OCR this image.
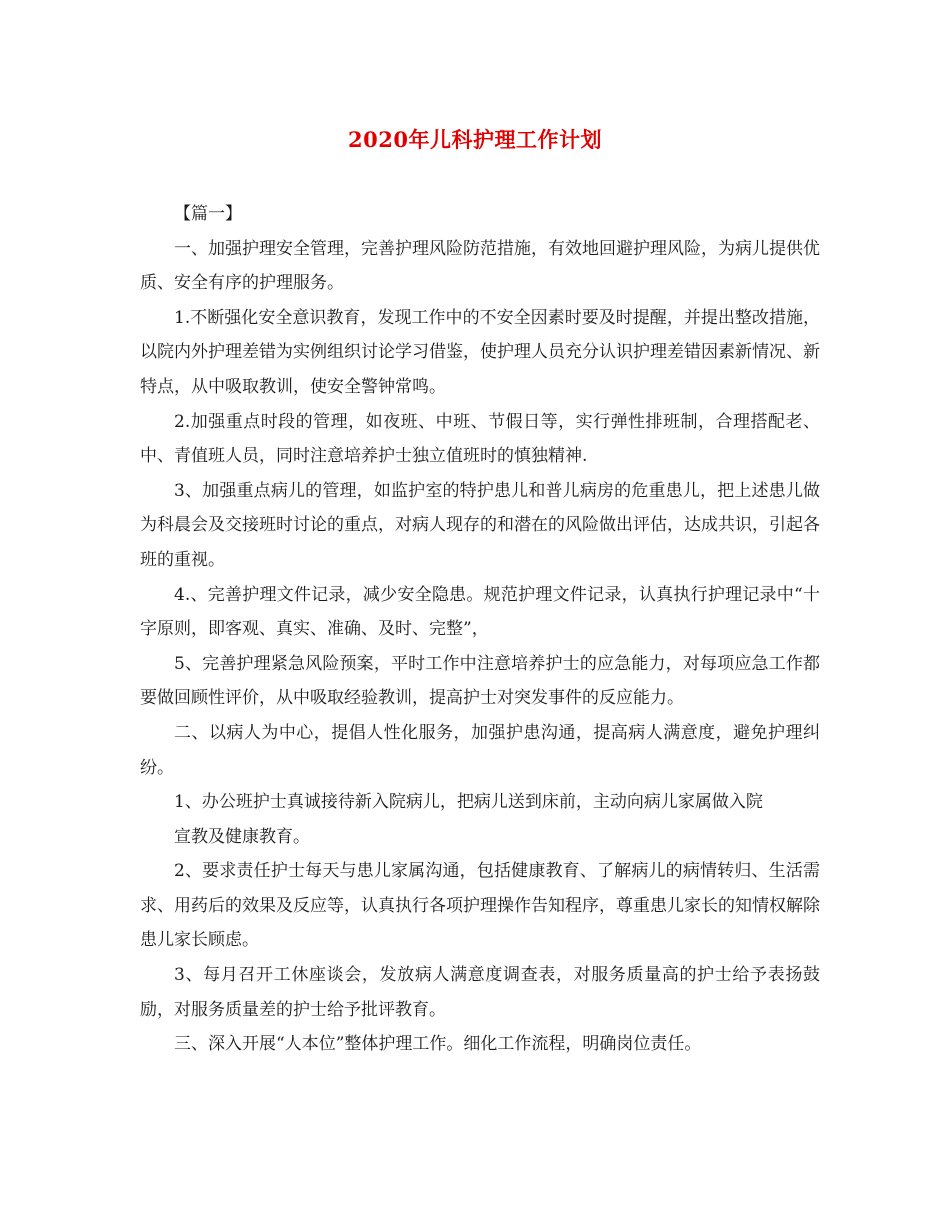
2020年儿科护理工作计划

【篇一】

一、加强护理安全管理，完善护理风险防范措施，有效地回避护理风险，为病儿提供优质、安全有序的护理服务。

1.不断强化安全意识教育，发现工作中的不安全因素时要及时提醒，并提出整改措施，以院内外护理差错为实例组织讨论学习借鉴，使护理人员充分认识护理差错因素新情况、新特点，从中吸取教训，使安全警钟常鸣。

2.加强重点时段的管理，如夜班、中班、节假日等，实行弹性排班制，合理搭配老、中、青值班人员，同时注意培养护士独立值班时的慎独精神.

3、加强重点病儿的管理，如监护室的特护患儿和普儿病房的危重患儿，把上述患儿做为科晨会及交接班时讨论的重点，对病人现存的和潜在的风险做出评估，达成共识，引起各班的重视。

4.、完善护理文件记录，减少安全隐患。规范护理文件记录，认真执行护理记录中“十字原则，即客观、真实、准确、及时、完整”，

5、完善护理紧急风险预案，平时工作中注意培养护士的应急能力，对每项应急工作都要做回顾性评价，从中吸取经验教训，提高护士对突发事件的反应能力。

二、以病人为中心，提倡人性化服务，加强护患沟通，提高病人满意度，避免护理纠纷。

1、办公班护士真诚接待新入院病儿，把病儿送到床前，主动向病儿家属做入院

宣教及健康教育。

2、要求责任护士每天与患儿家属沟通，包括健康教育、了解病儿的病情转归、生活需求、用药后的效果及反应等，认真执行各项护理操作告知程序，尊重患儿家长的知情权解除患儿家长顾虑。

3、每月召开工休座谈会，发放病人满意度调查表，对服务质量高的护士给予表扬鼓励，对服务质量差的护士给予批评教育。

三、深入开展“人本位”整体护理工作。细化工作流程，明确岗位责任。
